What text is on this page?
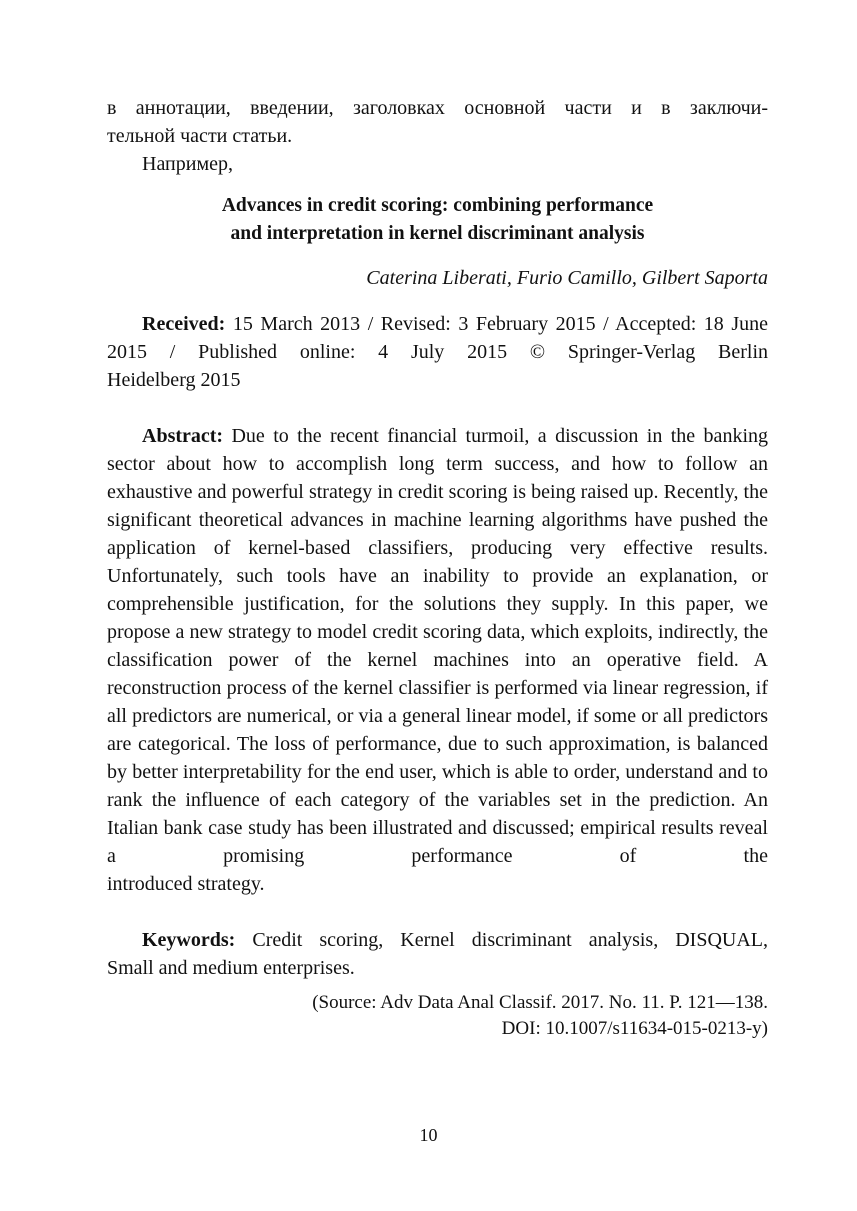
в аннотации, введении, заголовках основной части и в заключи-

тельной части статьи.

Например,

Advances in credit scoring: combining performance
and interpretation in kernel discriminant analysis

Caterina Liberati, Furio Camillo, Gilbert Saporta

Received: 15 March 2013 / Revised: 3 February 2015 / Accepted: 18 June 2015 / Published online: 4 July 2015 © Springer-Verlag Berlin

Heidelberg 2015

Abstract: Due to the recent financial turmoil, a discussion in the banking sector about how to accomplish long term success, and how to follow an exhaustive and powerful strategy in credit scoring is being raised up. Recently, the significant theoretical advances in machine learning algorithms have pushed the application of kernel-based classifiers, producing very effective results. Unfortunately, such tools have an inability to provide an explanation, or comprehensible justification, for the solutions they supply. In this paper, we propose a new strategy to model credit scoring data, which exploits, indirectly, the classification power of the kernel machines into an operative field. A reconstruction process of the kernel classifier is performed via linear regression, if all predictors are numerical, or via a general linear model, if some or all predictors are categorical. The loss of performance, due to such approximation, is balanced by better interpretability for the end user, which is able to order, understand and to rank the influence of each category of the variables set in the prediction. An Italian bank case study has been illustrated and discussed; empirical results reveal a promising performance of the

introduced strategy.

Keywords: Credit scoring, Kernel discriminant analysis, DISQUAL,

Small and medium enterprises.

(Source: Adv Data Anal Classif. 2017. No. 11. P. 121—138.
DOI: 10.1007/s11634-015-0213-y)
10
